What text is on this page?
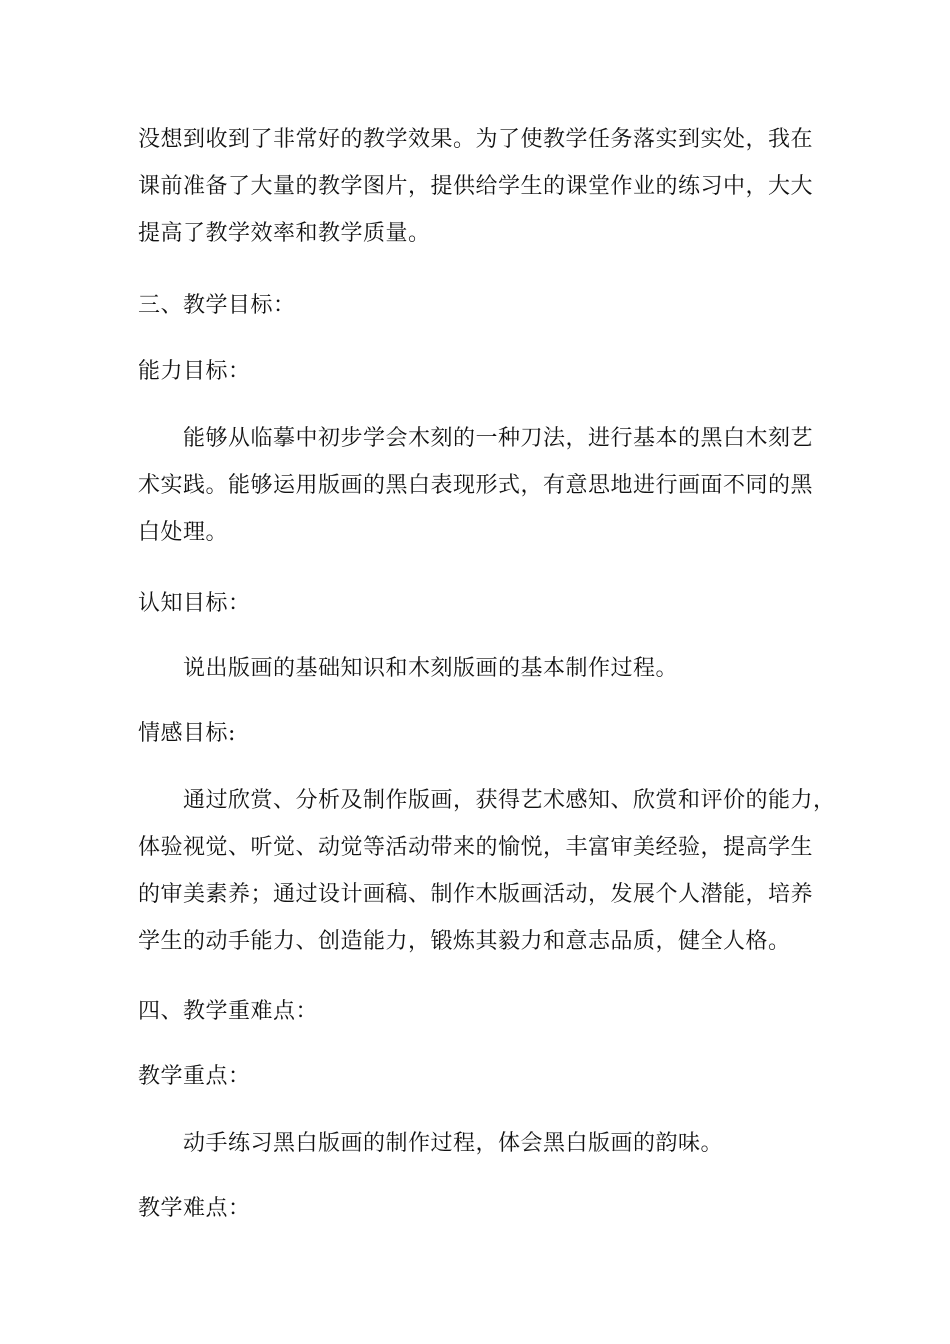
没想到收到了非常好的教学效果。为了使教学任务落实到实处，我在
课前准备了大量的教学图片，提供给学生的课堂作业的练习中，大大
提高了教学效率和教学质量。
三、教学目标：
能力目标：
能够从临摹中初步学会木刻的一种刀法，进行基本的黑白木刻艺
术实践。能够运用版画的黑白表现形式，有意思地进行画面不同的黑
白处理。
认知目标：
说出版画的基础知识和木刻版画的基本制作过程。
情感目标:
通过欣赏、分析及制作版画，获得艺术感知、欣赏和评价的能力，
体验视觉、听觉、动觉等活动带来的愉悦，丰富审美经验，提高学生
的审美素养；通过设计画稿、制作木版画活动，发展个人潜能，培养
学生的动手能力、创造能力，锻炼其毅力和意志品质，健全人格。
四、教学重难点：
教学重点：
动手练习黑白版画的制作过程，体会黑白版画的韵味。
教学难点：
